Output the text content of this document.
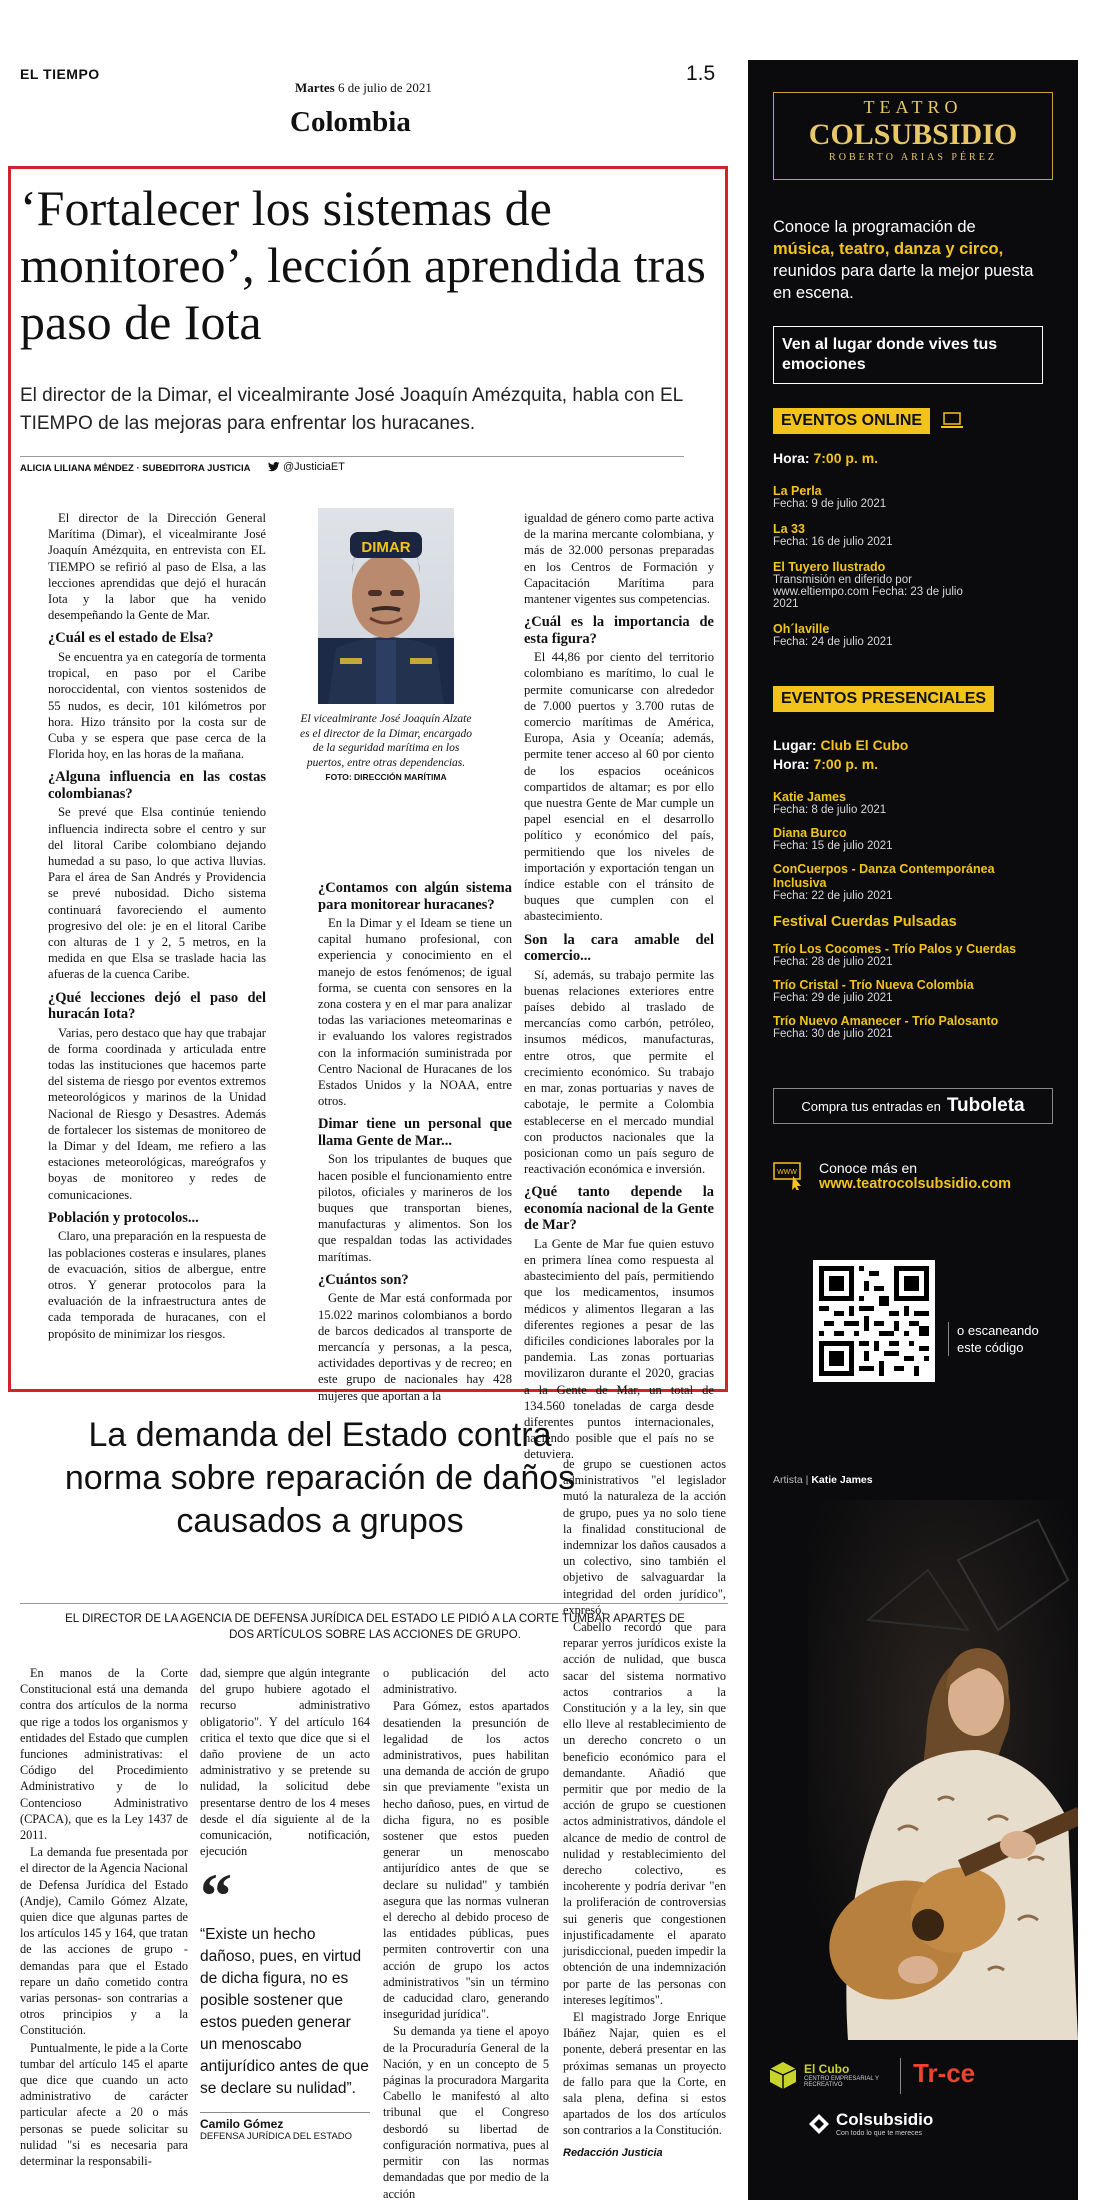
EL TIEMPO
Martes 6 de julio de 2021
1.5
Colombia
‘Fortalecer los sistemas de monitoreo’, lección aprendida tras paso de Iota
El director de la Dimar, el vicealmirante José Joaquín Amézquita, habla con EL TIEMPO de las mejoras para enfrentar los huracanes.
ALICIA LILIANA MÉNDEZ · SUBEDITORA JUSTICIA	@JusticiaET

El director de la Dirección General Marítima (Dimar), el vicealmirante José Joaquín Amézquita, en entrevista con EL TIEMPO se refirió al paso de Elsa, a las lecciones aprendidas que dejó el huracán Iota y la labor que ha venido desempeñando la Gente de Mar.

¿Cuál es el estado de Elsa?

Se encuentra ya en categoría de tormenta tropical, en paso por el Caribe noroccidental, con vientos sostenidos de 55 nudos, es decir, 101 kilómetros por hora. Hizo tránsito por la costa sur de Cuba y se espera que pase cerca de la Florida hoy, en las horas de la mañana.

¿Alguna influencia en las costas colombianas?

Se prevé que Elsa continúe teniendo influencia indirecta sobre el centro y sur del litoral Caribe colombiano dejando humedad a su paso, lo que activa lluvias. Para el área de San Andrés y Providencia se prevé nubosidad. Dicho sistema continuará favoreciendo el aumento progresivo del ole: je en el litoral Caribe con alturas de 1 y 2, 5 metros, en la medida en que Elsa se traslade hacia las afueras de la cuenca Caribe.

¿Qué lecciones dejó el paso del huracán Iota?

Varias, pero destaco que hay que trabajar de forma coordinada y articulada entre todas las instituciones que hacemos parte del sistema de riesgo por eventos extremos meteorológicos y marinos de la Unidad Nacional de Riesgo y Desastres. Además de fortalecer los sistemas de monitoreo de la Dimar y del Ideam, me refiero a las estaciones meteorológicas, mareógrafos y boyas de monitoreo y redes de comunicaciones.

Población y protocolos...

Claro, una preparación en la respuesta de las poblaciones costeras e insulares, planes de evacuación, sitios de albergue, entre otros. Y generar protocolos para la evaluación de la infraestructura antes de cada temporada de huracanes, con el propósito de minimizar los riesgos.

DIMAR
El vicealmirante José Joaquín Alzate es el director de la Dimar, encargado de la seguridad marítima en los puertos, entre otras dependencias. FOTO: DIRECCIÓN MARÍTIMA
¿Contamos con algún sistema para monitorear huracanes?

En la Dimar y el Ideam se tiene un capital humano profesional, con experiencia y conocimiento en el manejo de estos fenómenos; de igual forma, se cuenta con sensores en la zona costera y en el mar para analizar todas las variaciones meteomarinas e ir evaluando los valores registrados con la información suministrada por Centro Nacional de Huracanes de los Estados Unidos y la NOAA, entre otros.

Dimar tiene un personal que llama Gente de Mar...

Son los tripulantes de buques que hacen posible el funcionamiento entre pilotos, oficiales y marineros de los buques que transportan bienes, manufacturas y alimentos. Son los que respaldan todas las actividades marítimas.

¿Cuántos son?

Gente de Mar está conformada por 15.022 marinos colombianos a bordo de barcos dedicados al transporte de mercancía y personas, a la pesca, actividades deportivas y de recreo; en este grupo de nacionales hay 428 mujeres que aportan a la

igualdad de género como parte activa de la marina mercante colombiana, y más de 32.000 personas preparadas en los Centros de Formación y Capacitación Marítima para mantener vigentes sus competencias.

¿Cuál es la importancia de esta figura?

El 44,86 por ciento del territorio colombiano es marítimo, lo cual le permite comunicarse con alrededor de 7.000 puertos y 3.700 rutas de comercio marítimas de América, Europa, Asia y Oceanía; además, permite tener acceso al 60 por ciento de los espacios oceánicos compartidos de altamar; es por ello que nuestra Gente de Mar cumple un papel esencial en el desarrollo político y económico del país, permitiendo que los niveles de importación y exportación tengan un índice estable con el tránsito de buques que cumplen con el abastecimiento.

Son la cara amable del comercio...

Sí, además, su trabajo permite las buenas relaciones exteriores entre países debido al traslado de mercancías como carbón, petróleo, insumos médicos, manufacturas, entre otros, que permite el crecimiento económico. Su trabajo en mar, zonas portuarias y naves de cabotaje, le permite a Colombia establecerse en el mercado mundial con productos nacionales que la posicionan como un país seguro de reactivación económica e inversión.

¿Qué tanto depende la economía nacional de la Gente de Mar?

La Gente de Mar fue quien estuvo en primera línea como respuesta al abastecimiento del país, permitiendo que los medicamentos, insumos médicos y alimentos llegaran a las diferentes regiones a pesar de las dificiles condiciones laborales por la pandemia. Las zonas portuarias movilizaron durante el 2020, gracias a la Gente de Mar, un total de 134.560 toneladas de carga desde diferentes puntos internacionales, haciendo posible que el país no se detuviera.

La demanda del Estado contra norma sobre reparación de daños causados a grupos
EL DIRECTOR DE LA AGENCIA DE DEFENSA JURÍDICA DEL ESTADO LE PIDIÓ A LA CORTE TUMBAR APARTES DE DOS ARTÍCULOS SOBRE LAS ACCIONES DE GRUPO.

En manos de la Corte Constitucional está una demanda contra dos artículos de la norma que rige a todos los organismos y entidades del Estado que cumplen funciones administrativas: el Código del Procedimiento Administrativo y de lo Contencioso Administrativo (CPACA), que es la Ley 1437 de 2011.

La demanda fue presentada por el director de la Agencia Nacional de Defensa Jurídica del Estado (Andje), Camilo Gómez Alzate, quien dice que algunas partes de los artículos 145 y 164, que tratan de las acciones de grupo -demandas para que el Estado repare un daño cometido contra varias personas- son contrarias a otros principios y a la Constitución.

Puntualmente, le pide a la Corte tumbar del artículo 145 el aparte que dice que cuando un acto administrativo de carácter particular afecte a 20 o más personas se puede solicitar su nulidad "si es necesaria para determinar la responsabili-

dad, siempre que algún integrante del grupo hubiere agotado el recurso administrativo obligatorio". Y del artículo 164 critica el texto que dice que si el daño proviene de un acto administrativo y se pretende su nulidad, la solicitud debe presentarse dentro de los 4 meses desde el día siguiente al de la comunicación, notificación, ejecución

“
“Existe un hecho dañoso, pues, en virtud de dicha figura, no es posible sostener que estos pueden generar un menoscabo antijurídico antes de que se declare su nulidad”.
Camilo Gómez
DEFENSA JURÍDICA DEL ESTADO

o publicación del acto administrativo.

Para Gómez, estos apartados desatienden la presunción de legalidad de los actos administrativos, pues habilitan una demanda de acción de grupo sin que previamente "exista un hecho dañoso, pues, en virtud de dicha figura, no es posible sostener que estos pueden generar un menoscabo antijurídico antes de que se declare su nulidad" y también asegura que las normas vulneran el derecho al debido proceso de las entidades públicas, pues permiten controvertir con una acción de grupo los actos administrativos "sin un término de caducidad claro, generando inseguridad jurídica".

Su demanda ya tiene el apoyo de la Procuraduría General de la Nación, y en un concepto de 5 páginas la procuradora Margarita Cabello le manifestó al alto tribunal que el Congreso desbordó su libertad de configuración normativa, pues al permitir con las normas demandadas que por medio de la acción

de grupo se cuestionen actos administrativos "el legislador mutó la naturaleza de la acción de grupo, pues ya no solo tiene la finalidad constitucional de indemnizar los daños causados a un colectivo, sino también el objetivo de salvaguardar la integridad del orden jurídico", expresó.

Cabello recordó que para reparar yerros jurídicos existe la acción de nulidad, que busca sacar del sistema normativo actos contrarios a la Constitución y a la ley, sin que ello lleve al restablecimiento de un derecho concreto o un beneficio económico para el demandante. Añadió que permitir que por medio de la acción de grupo se cuestionen actos administrativos, dándole el alcance de medio de control de nulidad y restablecimiento del derecho colectivo, es incoherente y podría derivar "en la proliferación de controversias sui generis que congestionen injustificadamente el aparato jurisdiccional, pueden impedir la obtención de una indemnización por parte de las personas con intereses legítimos".

El magistrado Jorge Enrique Ibáñez Najar, quien es el ponente, deberá presentar en las próximas semanas un proyecto de fallo para que la Corte, en sala plena, defina si estos apartados de los dos artículos son contrarios a la Constitución.

Redacción Justicia
TEATRO
COLSUBSIDIO
ROBERTO ARIAS PÉREZ
Conoce la programación de
música, teatro, danza y circo,
reunidos para darte la mejor puesta en escena.
Ven al lugar donde vives tus emociones
EVENTOS ONLINE
Hora: 7:00 p. m.
La Perla
Fecha: 9 de julio 2021
La 33
Fecha: 16 de julio 2021
El Tuyero Ilustrado
Transmisión en diferido por www.eltiempo.com Fecha: 23 de julio 2021
Oh´laville
Fecha: 24 de julio 2021
EVENTOS PRESENCIALES
Lugar: Club El Cubo
Hora: 7:00 p. m.
Katie James
Fecha: 8 de julio 2021
Diana Burco
Fecha: 15 de julio 2021
ConCuerpos - Danza Contemporánea Inclusiva
Fecha: 22 de julio 2021
Festival Cuerdas Pulsadas
Trío Los Cocomes - Trío Palos y Cuerdas
Fecha: 28 de julio 2021
Trío Cristal - Trío Nueva Colombia
Fecha: 29 de julio 2021
Trío Nuevo Amanecer - Trío Palosanto
Fecha: 30 de julio 2021
Compra tus entradas en Tuboleta
WWW Conoce más en
www.teatrocolsubsidio.com
o escaneando este código
Artista | Katie James
El Cubo
CENTRO EMPRESARIAL Y RECREATIVO	Tr-ce
Colsubsidio
Con todo lo que te mereces
